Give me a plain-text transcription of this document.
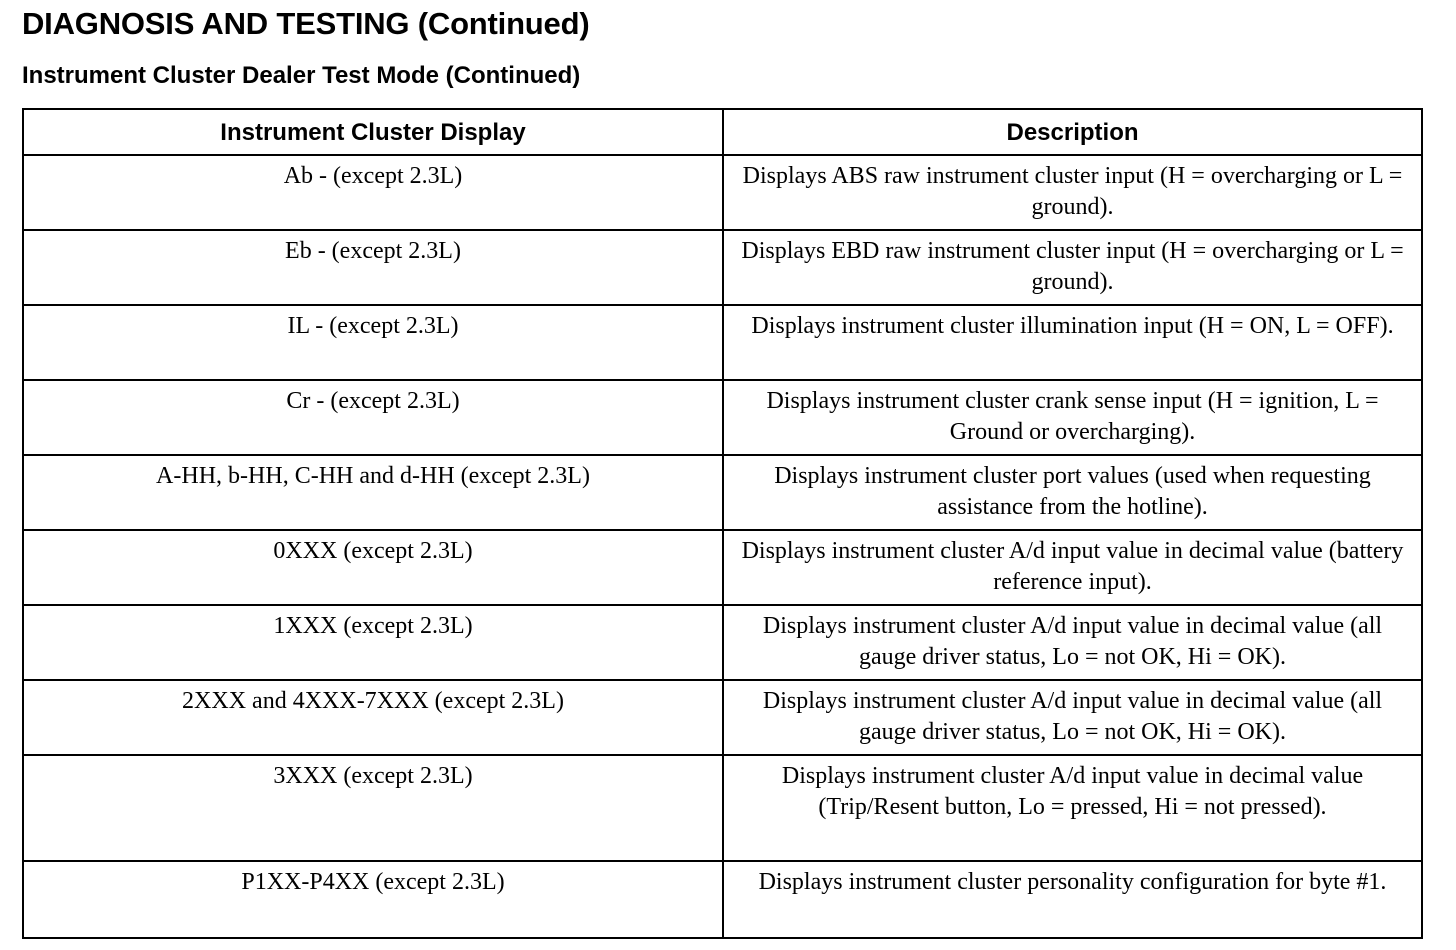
DIAGNOSIS AND TESTING (Continued)
Instrument Cluster Dealer Test Mode (Continued)
Instrument Cluster Display	Description
Ab - (except 2.3L)	Displays ABS raw instrument cluster input (H = overcharging or L = ground).
Eb - (except 2.3L)	Displays EBD raw instrument cluster input (H = overcharging or L = ground).
IL - (except 2.3L)	Displays instrument cluster illumination input (H = ON, L = OFF).
Cr - (except 2.3L)	Displays instrument cluster crank sense input (H = ignition, L = Ground or overcharging).
A-HH, b-HH, C-HH and d-HH (except 2.3L)	Displays instrument cluster port values (used when requesting assistance from the hotline).
0XXX (except 2.3L)	Displays instrument cluster A/d input value in decimal value (battery reference input).
1XXX (except 2.3L)	Displays instrument cluster A/d input value in decimal value (all gauge driver status, Lo = not OK, Hi = OK).
2XXX and 4XXX-7XXX (except 2.3L)	Displays instrument cluster A/d input value in decimal value (all gauge driver status, Lo = not OK, Hi = OK).
3XXX (except 2.3L)	Displays instrument cluster A/d input value in decimal value (Trip/Resent button, Lo = pressed, Hi = not pressed).
P1XX-P4XX (except 2.3L)	Displays instrument cluster personality configuration for byte #1.
